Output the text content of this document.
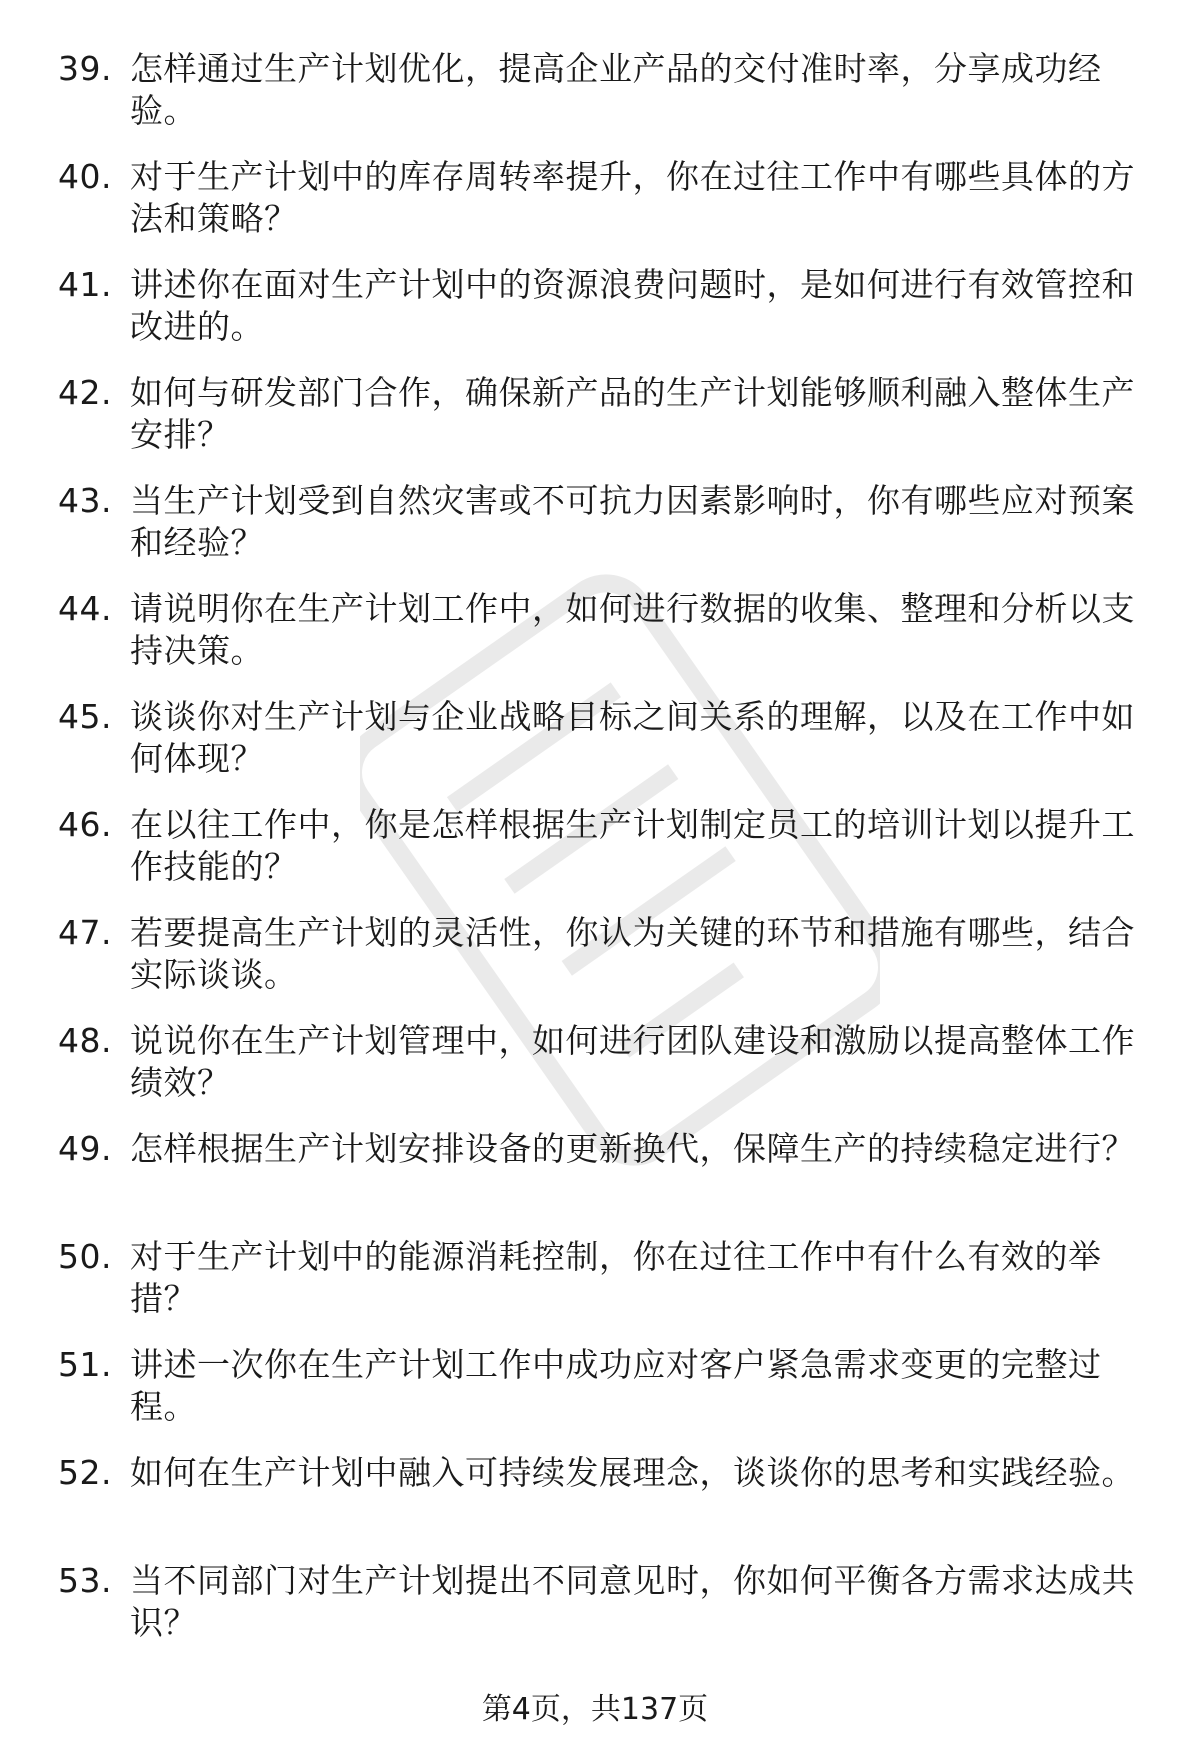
39. 怎样通过生产计划优化，提高企业产品的交付准时率，分享成功经验。
40. 对于生产计划中的库存周转率提升，你在过往工作中有哪些具体的方法和策略？
41. 讲述你在面对生产计划中的资源浪费问题时，是如何进行有效管控和改进的。
42. 如何与研发部门合作，确保新产品的生产计划能够顺利融入整体生产安排？
43. 当生产计划受到自然灾害或不可抗力因素影响时，你有哪些应对预案和经验？
44. 请说明你在生产计划工作中，如何进行数据的收集、整理和分析以支持决策。
45. 谈谈你对生产计划与企业战略目标之间关系的理解，以及在工作中如何体现？
46. 在以往工作中，你是怎样根据生产计划制定员工的培训计划以提升工作技能的？
47. 若要提高生产计划的灵活性，你认为关键的环节和措施有哪些，结合实际谈谈。
48. 说说你在生产计划管理中，如何进行团队建设和激励以提高整体工作绩效？
49. 怎样根据生产计划安排设备的更新换代，保障生产的持续稳定进行？
50. 对于生产计划中的能源消耗控制，你在过往工作中有什么有效的举措？
51. 讲述一次你在生产计划工作中成功应对客户紧急需求变更的完整过程。
52. 如何在生产计划中融入可持续发展理念，谈谈你的思考和实践经验。
53. 当不同部门对生产计划提出不同意见时，你如何平衡各方需求达成共识？
第4页，共137页
